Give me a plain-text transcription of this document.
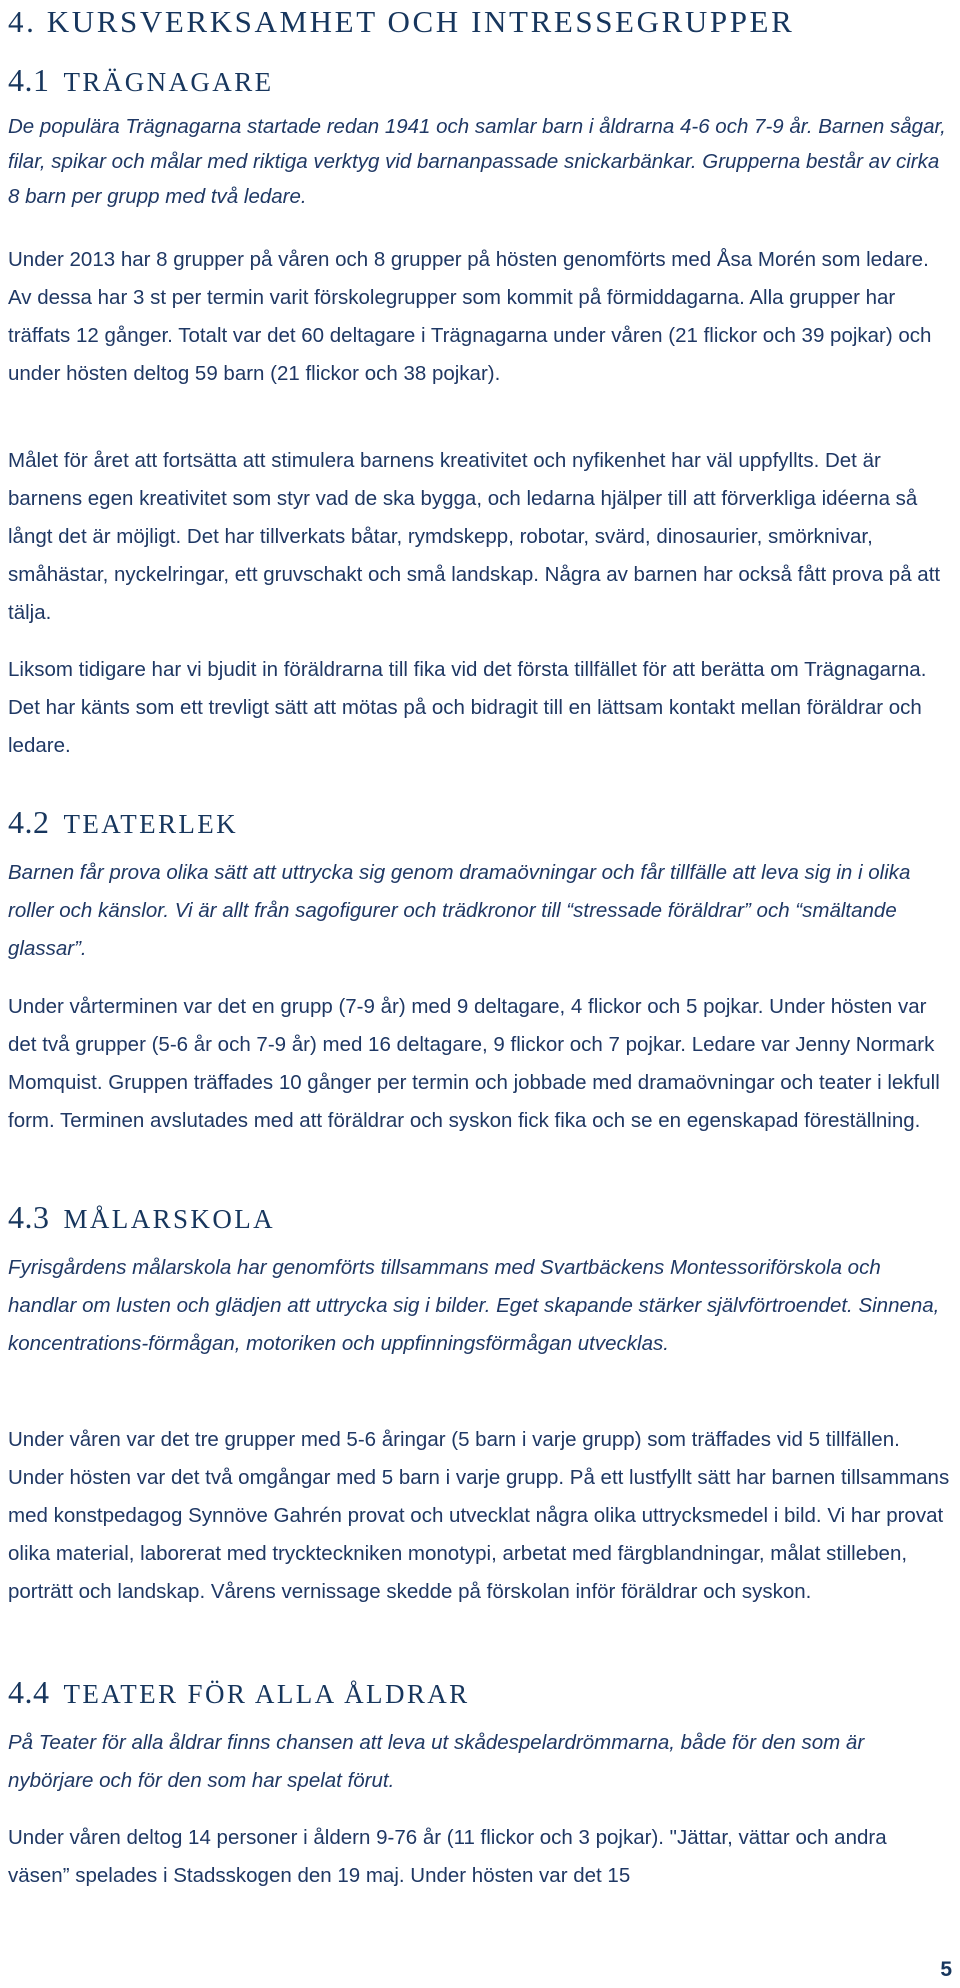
4. KURSVERKSAMHET OCH INTRESSEGRUPPER
4.1 TRÄGNAGARE

De populära Trägnagarna startade redan 1941 och samlar barn i åldrarna 4-6 och 7-9 år. Barnen sågar, filar, spikar och målar med riktiga verktyg vid barnanpassade snickarbänkar. Grupperna består av cirka 8 barn per grupp med två ledare.

Under 2013 har 8 grupper på våren och 8 grupper på hösten genomförts med Åsa Morén som ledare. Av dessa har 3 st per termin varit förskolegrupper som kommit på förmiddagarna. Alla grupper har träffats 12 gånger. Totalt var det 60 deltagare i Trägnagarna under våren (21 flickor och 39 pojkar) och under hösten deltog 59 barn (21 flickor och 38 pojkar).

Målet för året att fortsätta att stimulera barnens kreativitet och nyfikenhet har väl uppfyllts. Det är barnens egen kreativitet som styr vad de ska bygga, och ledarna hjälper till att förverkliga idéerna så långt det är möjligt. Det har tillverkats båtar, rymdskepp, robotar, svärd, dinosaurier, smörknivar, småhästar, nyckelringar, ett gruvschakt och små landskap. Några av barnen har också fått prova på att tälja.

Liksom tidigare har vi bjudit in föräldrarna till fika vid det första tillfället för att berätta om Trägnagarna. Det har känts som ett trevligt sätt att mötas på och bidragit till en lättsam kontakt mellan föräldrar och ledare.

4.2 TEATERLEK

Barnen får prova olika sätt att uttrycka sig genom dramaövningar och får tillfälle att leva sig in i olika roller och känslor. Vi är allt från sagofigurer och trädkronor till “stressade föräldrar” och “smältande glassar”.

Under vårterminen var det en grupp (7-9 år) med 9 deltagare, 4 flickor och 5 pojkar. Under hösten var det två grupper (5-6 år och 7-9 år) med 16 deltagare, 9 flickor och 7 pojkar. Ledare var Jenny Normark Momquist. Gruppen träffades 10 gånger per termin och jobbade med dramaövningar och teater i lekfull form. Terminen avslutades med att föräldrar och syskon fick fika och se en egenskapad föreställning.

4.3 MÅLARSKOLA

Fyrisgårdens målarskola har genomförts tillsammans med Svartbäckens Montessoriförskola och handlar om lusten och glädjen att uttrycka sig i bilder. Eget skapande stärker självförtroendet. Sinnena, koncentrations-förmågan, motoriken och uppfinningsförmågan utvecklas.

Under våren var det tre grupper med 5-6 åringar (5 barn i varje grupp) som träffades vid 5 tillfällen. Under hösten var det två omgångar med 5 barn i varje grupp. På ett lustfyllt sätt har barnen tillsammans med konstpedagog Synnöve Gahrén provat och utvecklat några olika uttrycksmedel i bild. Vi har provat olika material, laborerat med tryckteckniken monotypi, arbetat med färgblandningar, målat stilleben, porträtt och landskap. Vårens vernissage skedde på förskolan inför föräldrar och syskon.

4.4 TEATER FÖR ALLA ÅLDRAR

På Teater för alla åldrar finns chansen att leva ut skådespelardrömmarna, både för den som är nybörjare och för den som har spelat förut.

Under våren deltog 14 personer i åldern 9-76 år (11 flickor och 3 pojkar). "Jättar, vättar och andra väsen” spelades i Stadsskogen den 19 maj. Under hösten var det 15

5
